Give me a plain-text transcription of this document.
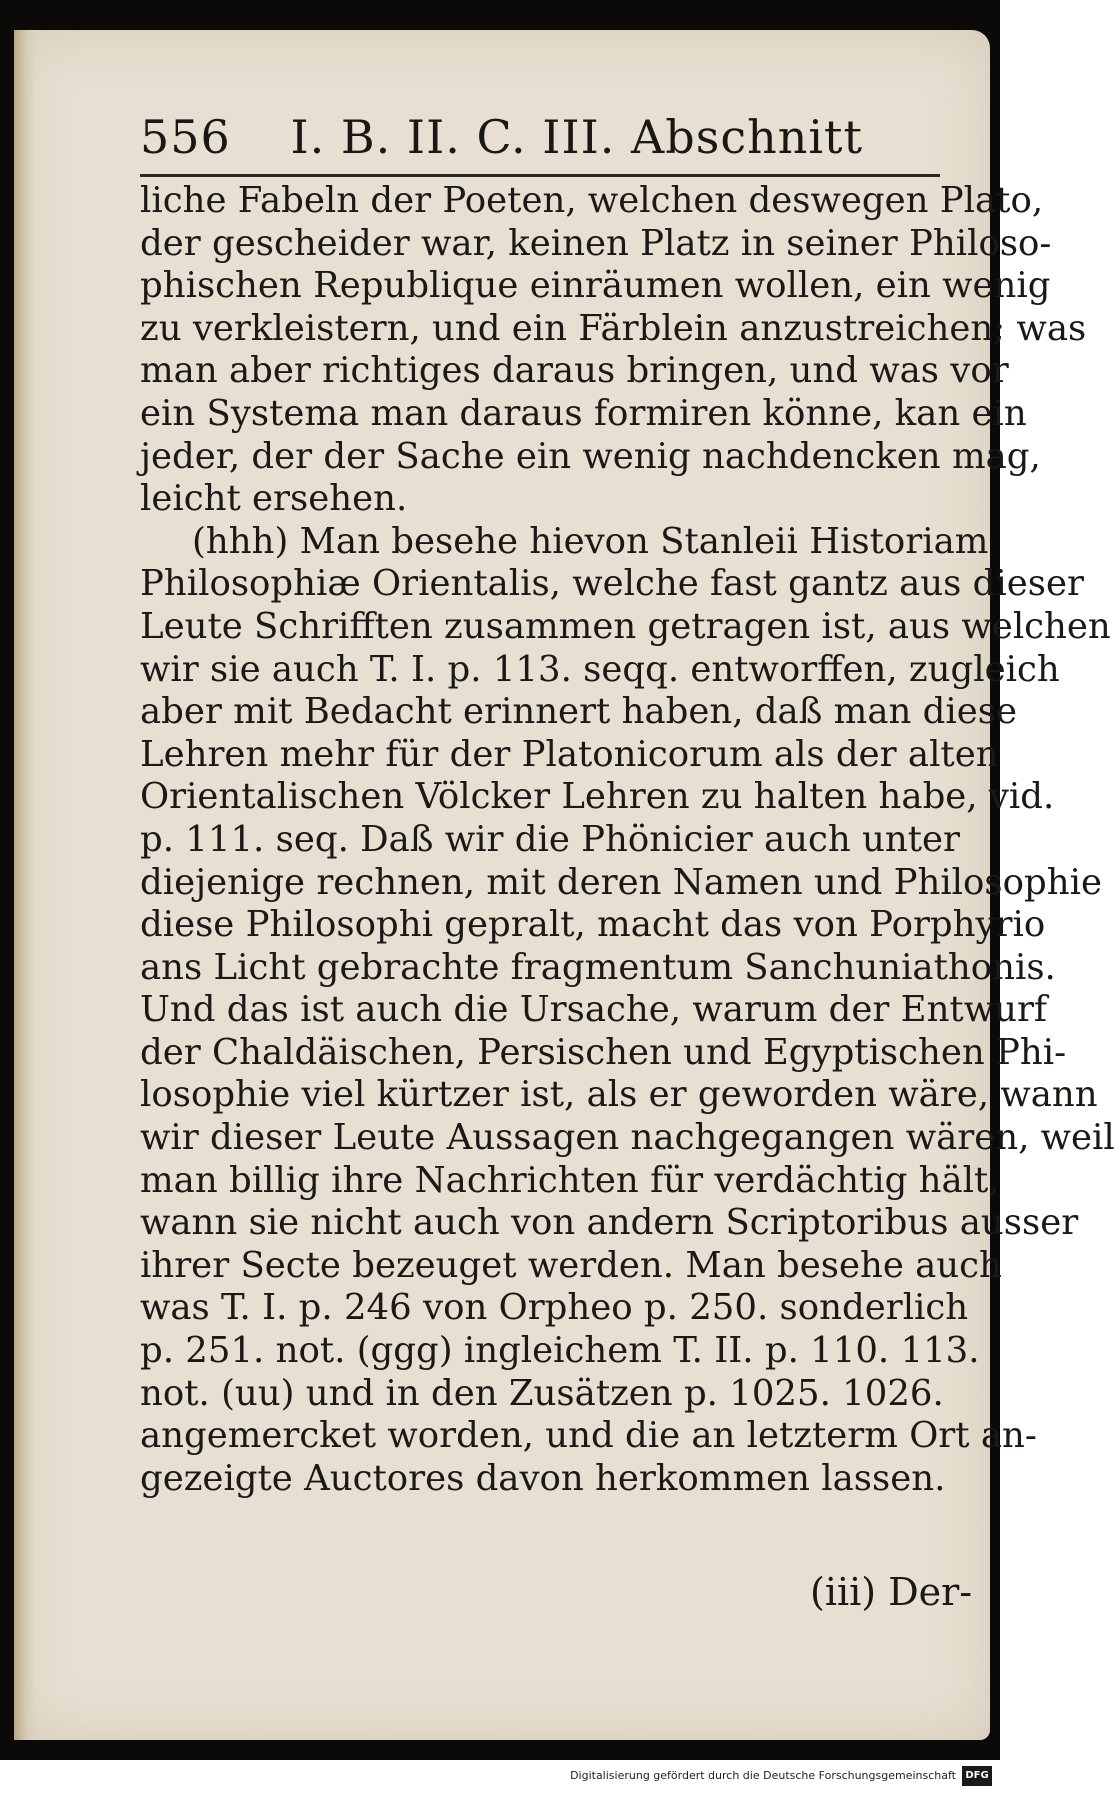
556 I. B. II. C. III. Abschnitt
liche Fabeln der Poeten, welchen deswegen Plato,
der gescheider war, keinen Platz in seiner Philoso-
phischen Republique einräumen wollen, ein wenig
zu verkleistern, und ein Färblein anzustreichen; was
man aber richtiges daraus bringen, und was vor
ein Systema man daraus formiren könne, kan ein
jeder, der der Sache ein wenig nachdencken mag,
leicht ersehen.
(hhh) Man besehe hievon Stanleii Historiam
Philosophiæ Orientalis, welche fast gantz aus dieser
Leute Schrifften zusammen getragen ist, aus welchen
wir sie auch T. I. p. 113. seqq. entworffen, zugleich
aber mit Bedacht erinnert haben, daß man diese
Lehren mehr für der Platonicorum als der alten
Orientalischen Völcker Lehren zu halten habe, vid.
p. 111. seq. Daß wir die Phönicier auch unter
diejenige rechnen, mit deren Namen und Philosophie
diese Philosophi gepralt, macht das von Porphyrio
ans Licht gebrachte fragmentum Sanchuniathonis.
Und das ist auch die Ursache, warum der Entwurf
der Chaldäischen, Persischen und Egyptischen Phi-
losophie viel kürtzer ist, als er geworden wäre, wann
wir dieser Leute Aussagen nachgegangen wären, weil
man billig ihre Nachrichten für verdächtig hält,
wann sie nicht auch von andern Scriptoribus ausser
ihrer Secte bezeuget werden. Man besehe auch
was T. I. p. 246 von Orpheo p. 250. sonderlich
p. 251. not. (ggg) ingleichem T. II. p. 110. 113.
not. (uu) und in den Zusätzen p. 1025. 1026.
angemercket worden, und die an letzterm Ort an-
gezeigte Auctores davon herkommen lassen.
(iii) Der-
Digitalisierung gefördert durch die Deutsche Forschungsgemeinschaft DFG
